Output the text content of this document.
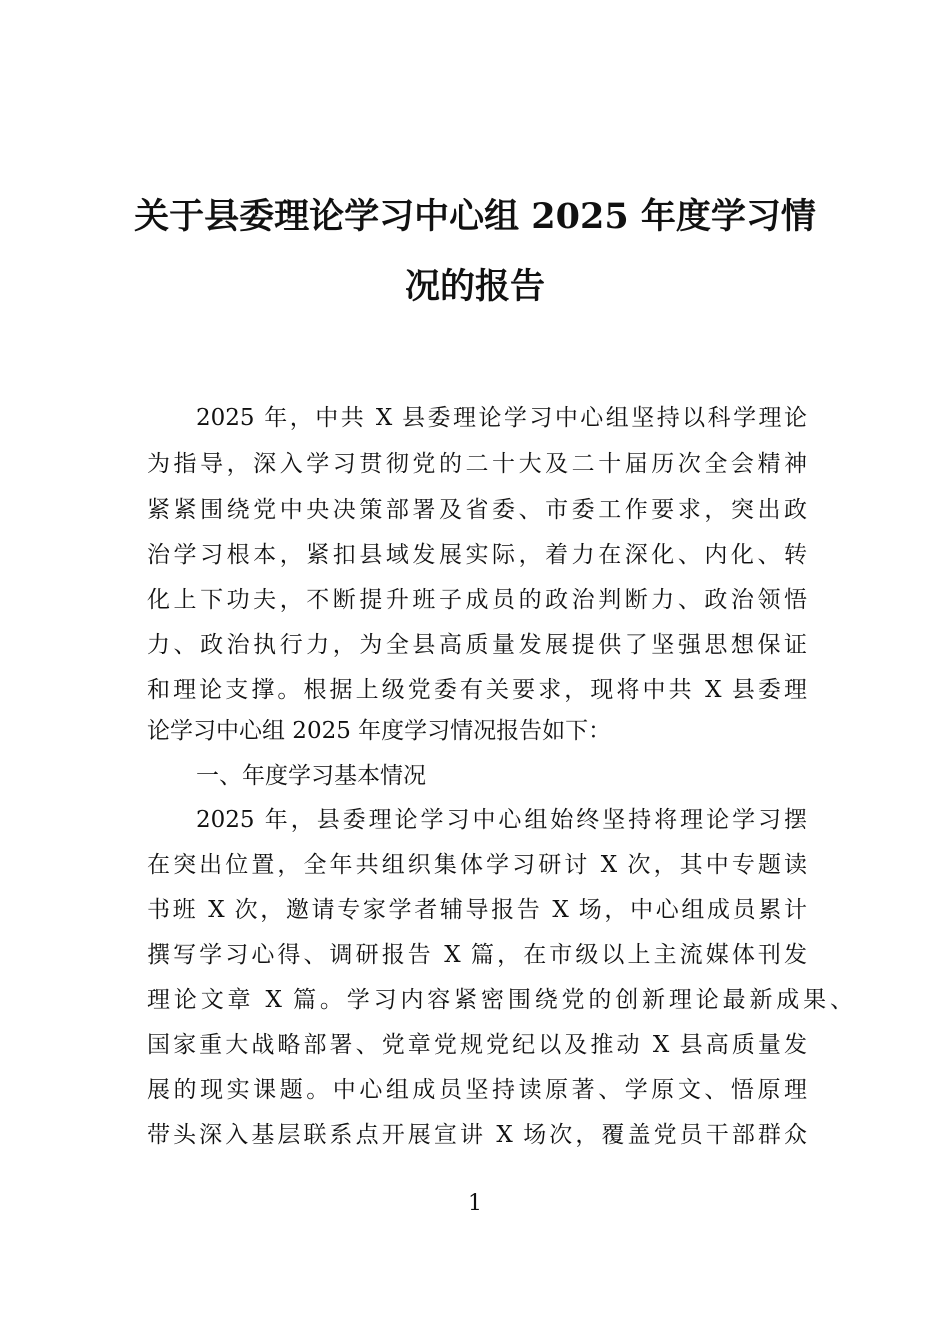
关于县委理论学习中心组 2025 年度学习情
况的报告
2025 年，中共 X 县委理论学习中心组坚持以科学理论
为指导，深入学习贯彻党的二十大及二十届历次全会精神
紧紧围绕党中央决策部署及省委、市委工作要求，突出政
治学习根本，紧扣县域发展实际，着力在深化、内化、转
化上下功夫，不断提升班子成员的政治判断力、政治领悟
力、政治执行力，为全县高质量发展提供了坚强思想保证
和理论支撑。根据上级党委有关要求，现将中共 X 县委理
论学习中心组 2025 年度学习情况报告如下：
一、年度学习基本情况
2025 年，县委理论学习中心组始终坚持将理论学习摆
在突出位置，全年共组织集体学习研讨 X 次，其中专题读
书班 X 次，邀请专家学者辅导报告 X 场，中心组成员累计
撰写学习心得、调研报告 X 篇，在市级以上主流媒体刊发
理论文章 X 篇。学习内容紧密围绕党的创新理论最新成果、
国家重大战略部署、党章党规党纪以及推动 X 县高质量发
展的现实课题。中心组成员坚持读原著、学原文、悟原理
带头深入基层联系点开展宣讲 X 场次，覆盖党员干部群众
1
